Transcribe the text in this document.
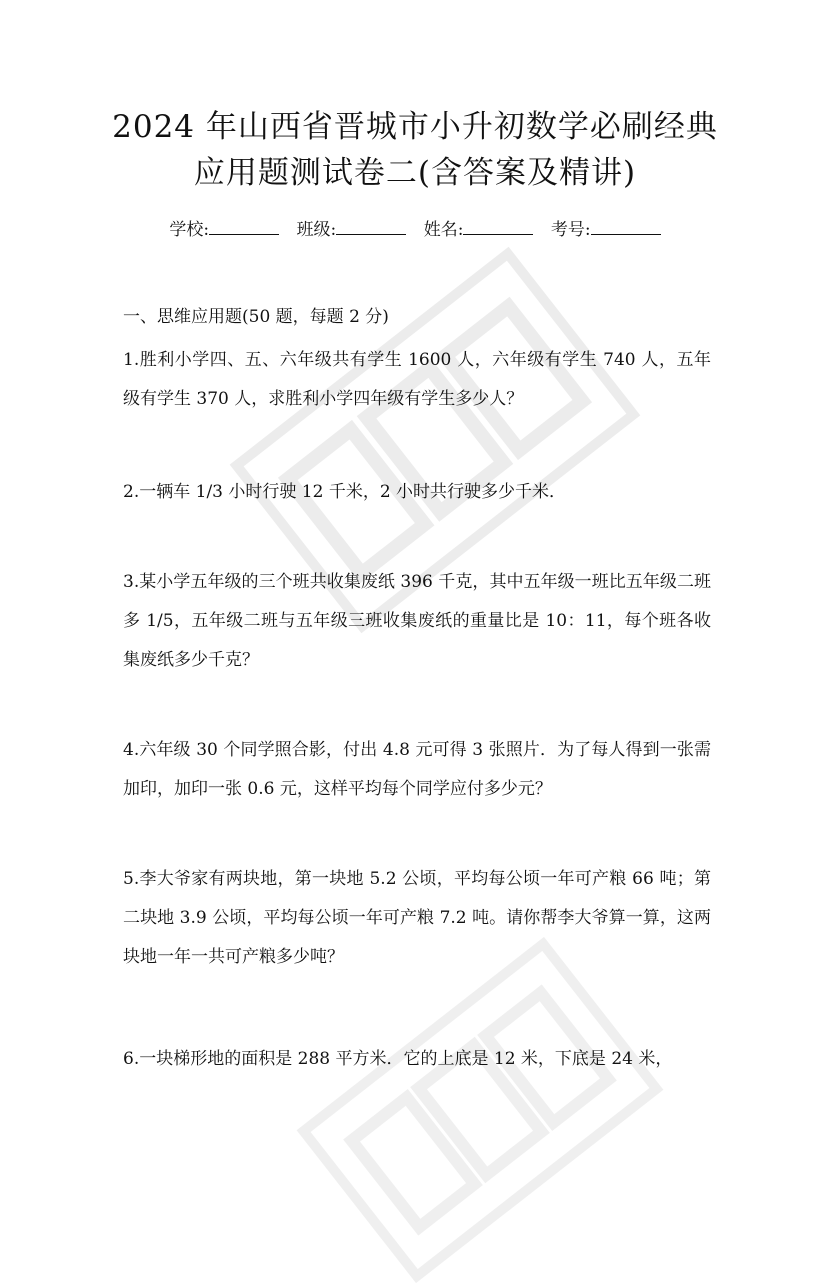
2024 年山西省晋城市小升初数学必刷经典
应用题测试卷二(含答案及精讲)
学校:	班级:	姓名:	考号:
一、思维应用题(50 题，每题 2 分)
1.胜利小学四、五、六年级共有学生 1600 人，六年级有学生 740 人，五年级有学生 370 人，求胜利小学四年级有学生多少人？
2.一辆车 1/3 小时行驶 12 千米，2 小时共行驶多少千米．
3.某小学五年级的三个班共收集废纸 396 千克，其中五年级一班比五年级二班多 1/5，五年级二班与五年级三班收集废纸的重量比是 10：11，每个班各收集废纸多少千克？
4.六年级 30 个同学照合影，付出 4.8 元可得 3 张照片．为了每人得到一张需加印，加印一张 0.6 元，这样平均每个同学应付多少元？
5.李大爷家有两块地，第一块地 5.2 公顷，平均每公顷一年可产粮 66 吨；第二块地 3.9 公顷，平均每公顷一年可产粮 7.2 吨。请你帮李大爷算一算，这两块地一年一共可产粮多少吨？
6.一块梯形地的面积是 288 平方米．它的上底是 12 米，下底是 24 米，
